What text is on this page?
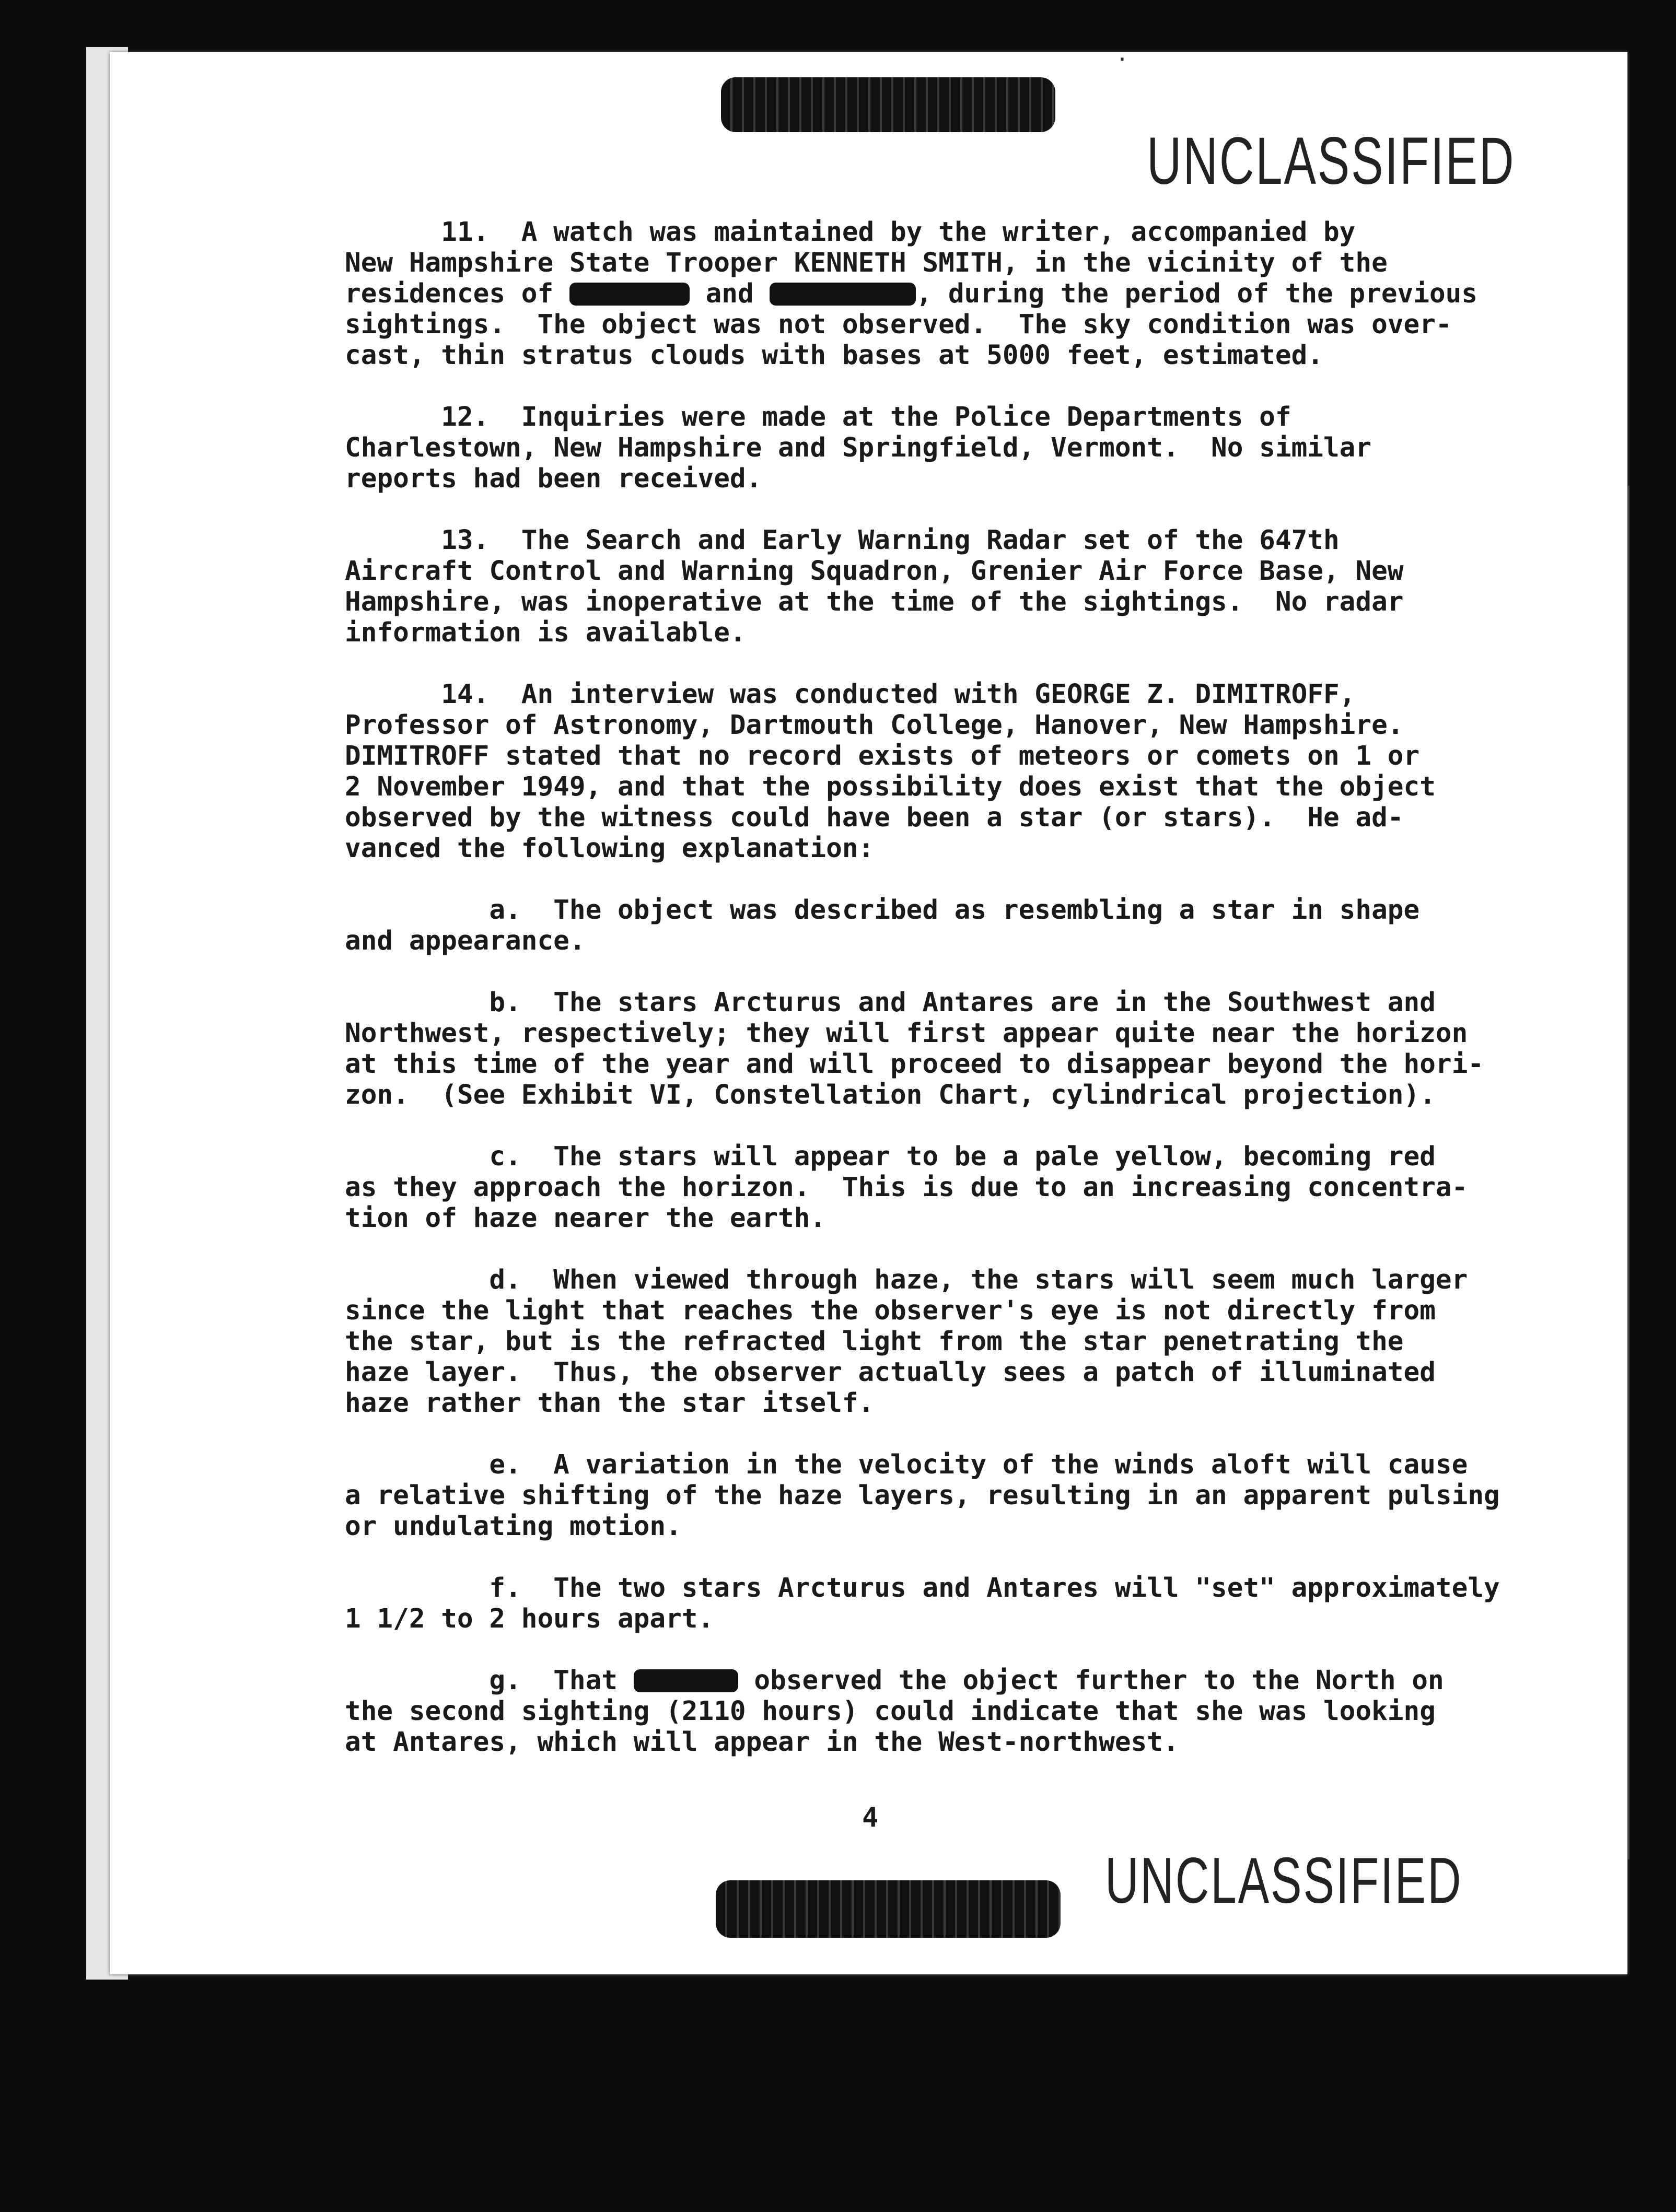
·
UNCLASSIFIED
11.  A watch was maintained by the writer, accompanied by
New Hampshire State Trooper KENNETH SMITH, in the vicinity of the
residences of	and	, during the period of the previous
sightings.  The object was not observed.  The sky condition was over-
cast, thin stratus clouds with bases at 5000 feet, estimated.
12.  Inquiries were made at the Police Departments of
Charlestown, New Hampshire and Springfield, Vermont.  No similar
reports had been received.
13.  The Search and Early Warning Radar set of the 647th
Aircraft Control and Warning Squadron, Grenier Air Force Base, New
Hampshire, was inoperative at the time of the sightings.  No radar
information is available.
14.  An interview was conducted with GEORGE Z. DIMITROFF,
Professor of Astronomy, Dartmouth College, Hanover, New Hampshire.
DIMITROFF stated that no record exists of meteors or comets on 1 or
2 November 1949, and that the possibility does exist that the object
observed by the witness could have been a star (or stars).  He ad-
vanced the following explanation:
a.  The object was described as resembling a star in shape
and appearance.
b.  The stars Arcturus and Antares are in the Southwest and
Northwest, respectively; they will first appear quite near the horizon
at this time of the year and will proceed to disappear beyond the hori-
zon.  (See Exhibit VI, Constellation Chart, cylindrical projection).
c.  The stars will appear to be a pale yellow, becoming red
as they approach the horizon.  This is due to an increasing concentra-
tion of haze nearer the earth.
d.  When viewed through haze, the stars will seem much larger
since the light that reaches the observer's eye is not directly from
the star, but is the refracted light from the star penetrating the
haze layer.  Thus, the observer actually sees a patch of illuminated
haze rather than the star itself.
e.  A variation in the velocity of the winds aloft will cause
a relative shifting of the haze layers, resulting in an apparent pulsing
or undulating motion.
f.  The two stars Arcturus and Antares will "set" approximately
1 1/2 to 2 hours apart.
g.  That	observed the object further to the North on
the second sighting (2110 hours) could indicate that she was looking
at Antares, which will appear in the West-northwest.
4
UNCLASSIFIED
